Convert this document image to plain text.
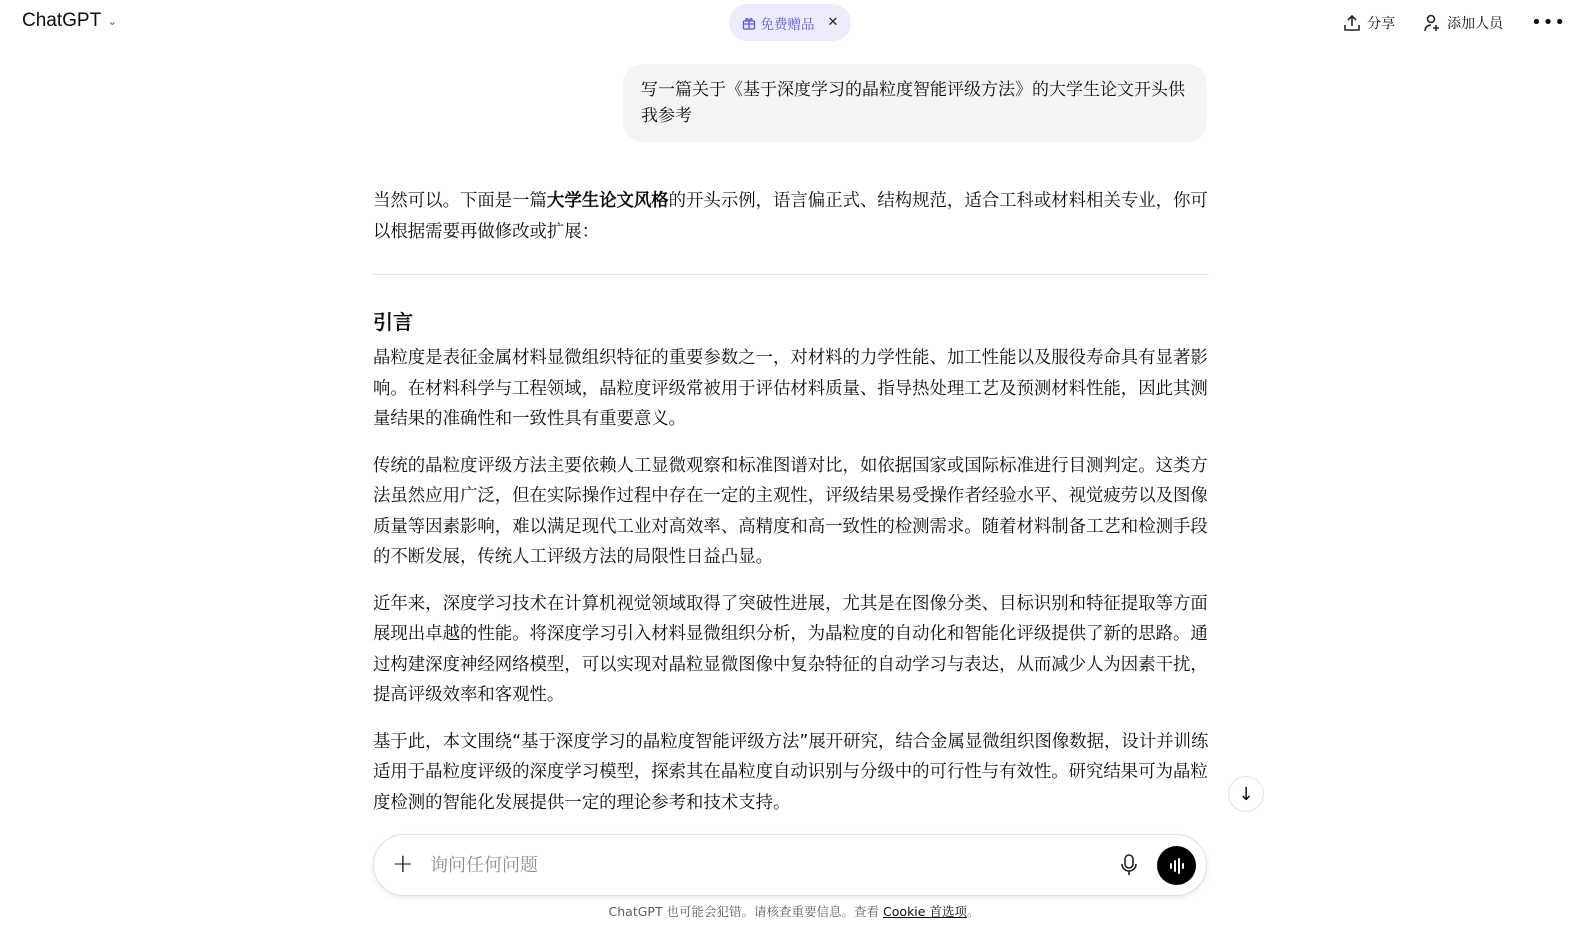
ChatGPT ⌄	免费赠品 ✕	分享	添加人员 •••
写一篇关于《基于深度学习的晶粒度智能评级方法》的大学生论文开头供我参考

当然可以。下面是一篇大学生论文风格的开头示例，语言偏正式、结构规范，适合工科或材料相关专业，你可以根据需要再做修改或扩展：

引言

晶粒度是表征金属材料显微组织特征的重要参数之一，对材料的力学性能、加工性能以及服役寿命具有显著影响。在材料科学与工程领域，晶粒度评级常被用于评估材料质量、指导热处理工艺及预测材料性能，因此其测量结果的准确性和一致性具有重要意义。

传统的晶粒度评级方法主要依赖人工显微观察和标准图谱对比，如依据国家或国际标准进行目测判定。这类方法虽然应用广泛，但在实际操作过程中存在一定的主观性，评级结果易受操作者经验水平、视觉疲劳以及图像质量等因素影响，难以满足现代工业对高效率、高精度和高一致性的检测需求。随着材料制备工艺和检测手段的不断发展，传统人工评级方法的局限性日益凸显。

近年来，深度学习技术在计算机视觉领域取得了突破性进展，尤其是在图像分类、目标识别和特征提取等方面展现出卓越的性能。将深度学习引入材料显微组织分析，为晶粒度的自动化和智能化评级提供了新的思路。通过构建深度神经网络模型，可以实现对晶粒显微图像中复杂特征的自动学习与表达，从而减少人为因素干扰，提高评级效率和客观性。

基于此，本文围绕“基于深度学习的晶粒度智能评级方法”展开研究，结合金属显微组织图像数据，设计并训练适用于晶粒度评级的深度学习模型，探索其在晶粒度自动识别与分级中的可行性与有效性。研究结果可为晶粒度检测的智能化发展提供一定的理论参考和技术支持。	↓
+
询问任何问题
ChatGPT 也可能会犯错。请核查重要信息。查看 Cookie 首选项。
